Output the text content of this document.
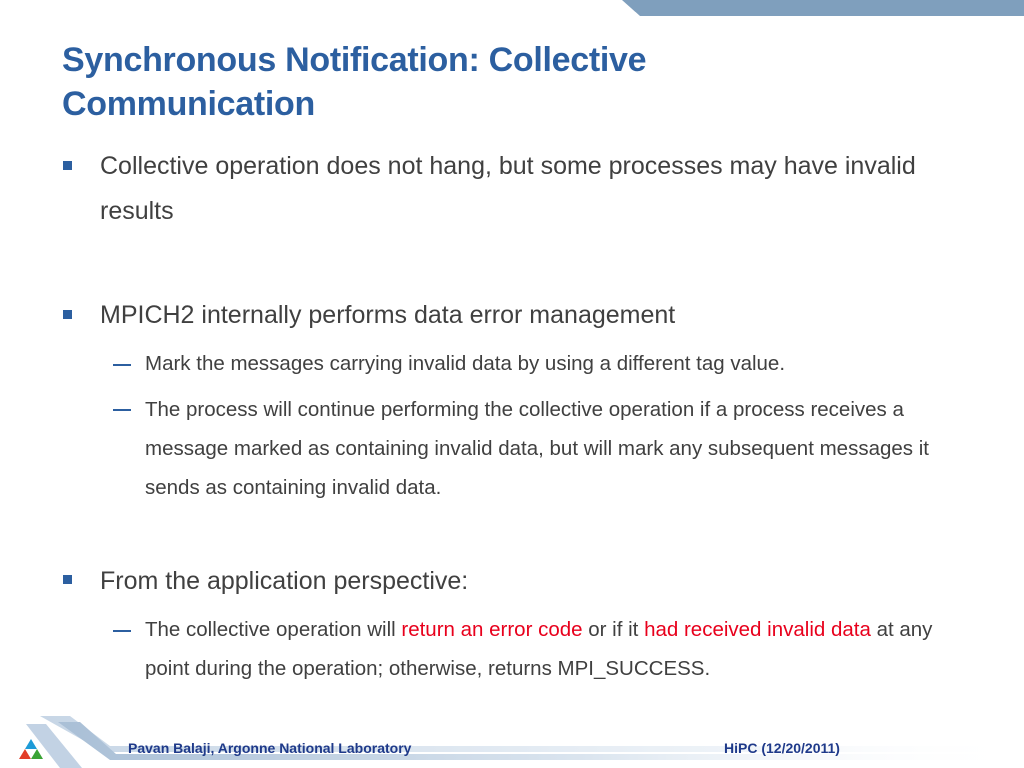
Synchronous Notification: Collective Communication
Collective operation does not hang, but some processes may have invalid results
MPICH2 internally performs data error management
Mark the messages carrying invalid data by using a different tag value.
The process will continue performing the collective operation if a process receives a message marked as containing invalid data, but will mark any subsequent messages it sends as containing invalid data.
From the application perspective:
The collective operation will return an error code or if it had received invalid data at any point during the operation; otherwise, returns MPI_SUCCESS.
Pavan Balaji, Argonne National Laboratory	HiPC (12/20/2011)
